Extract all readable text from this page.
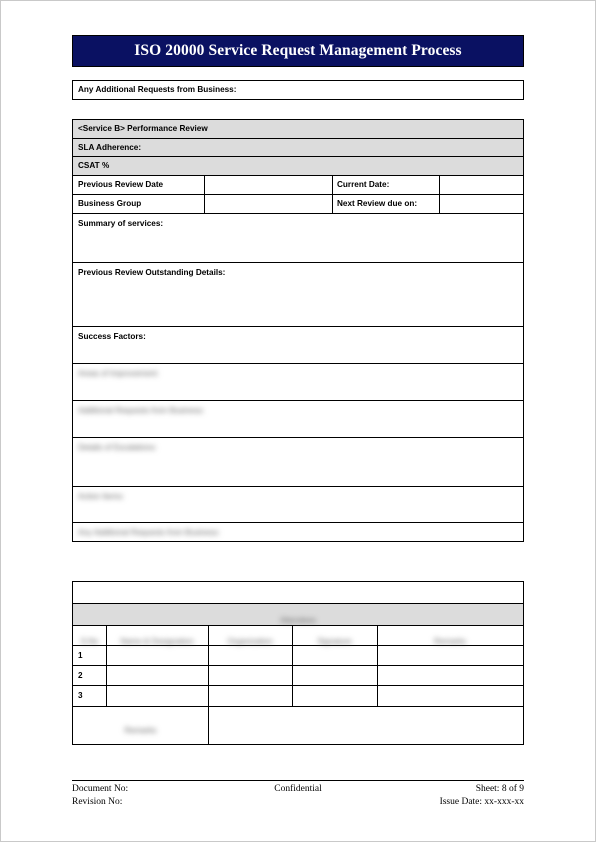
ISO 20000 Service Request Management Process
Any Additional Requests from Business:
<Service B> Performance Review
SLA Adherence:
CSAT %
Previous Review Date	Current Date:
Business Group	Next Review due on:
Summary of services:
Previous Review Outstanding Details:
Success Factors:
Areas of Improvement:
Additional Requests from Business:
Details of Escalations:
Action Items:
Any Additional Requests from Business:
Attendees
S.No	Name & Designation	Organization	Signature	Remarks
1
2
3
Remarks
Document No:
Revision No:
Confidential	Sheet: 8 of 9
Issue Date: xx-xxx-xx
